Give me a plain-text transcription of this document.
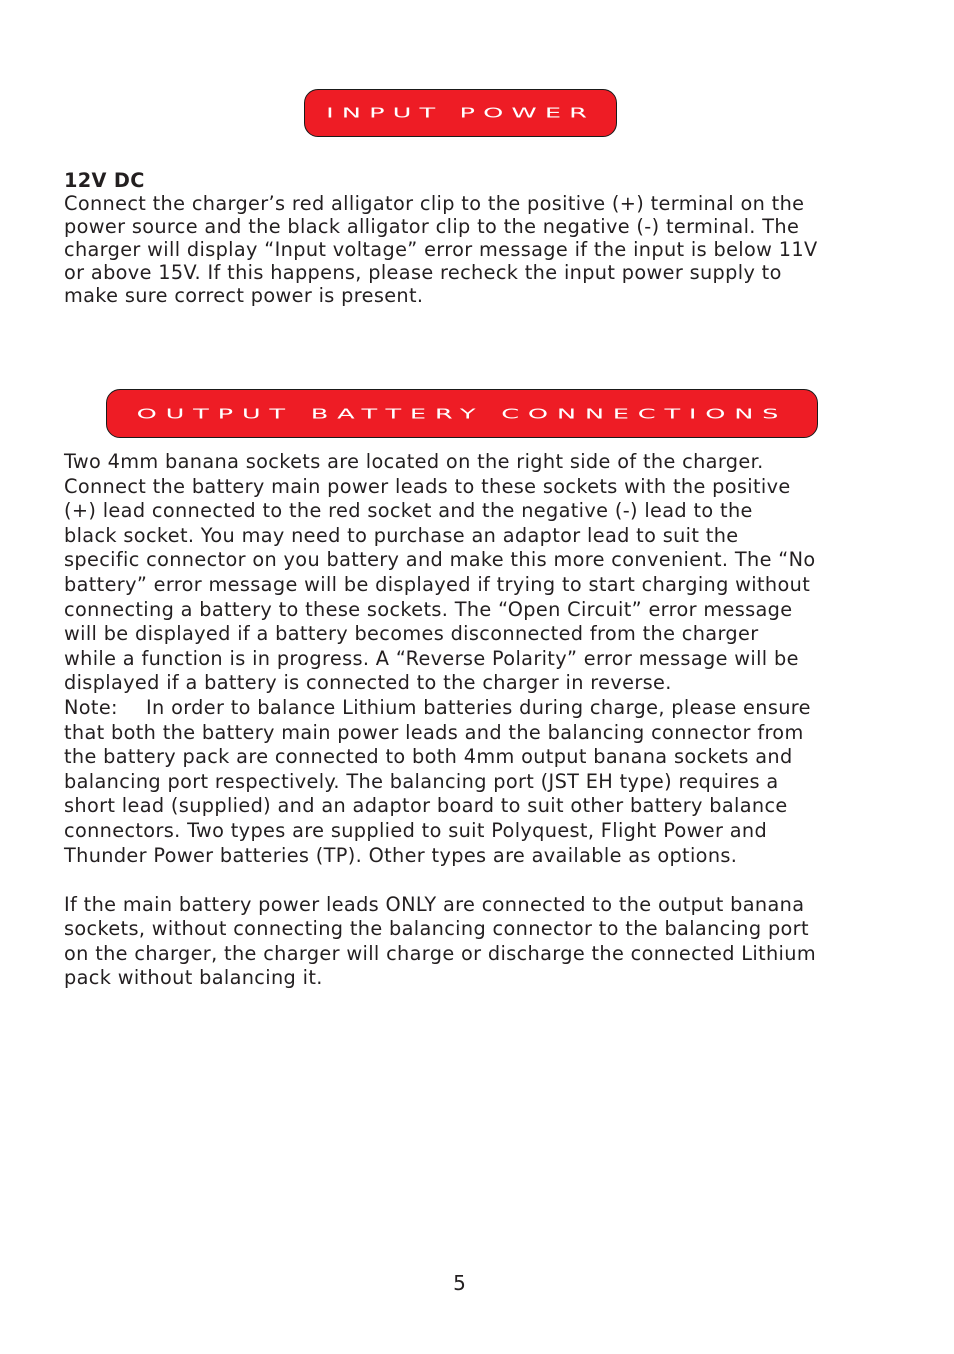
INPUT POWER
12V DC
Connect the charger’s red alligator clip to the positive (+) terminal on the
power source and the black alligator clip to the negative (-) terminal. The
charger will display “Input voltage” error message if the input is below 11V
or above 15V. If this happens, please recheck the input power supply to
make sure correct power is present.
OUTPUT BATTERY CONNECTIONS
Two 4mm banana sockets are located on the right side of the charger.
Connect the battery main power leads to these sockets with the positive
(+) lead connected to the red socket and the negative (-) lead to the
black socket. You may need to purchase an adaptor lead to suit the
specific connector on you battery and make this more convenient. The “No
battery” error message will be displayed if trying to start charging without
connecting a battery to these sockets. The “Open Circuit” error message
will be displayed if a battery becomes disconnected from the charger
while a function is in progress. A “Reverse Polarity” error message will be
displayed if a battery is connected to the charger in reverse.
Note: In order to balance Lithium batteries during charge, please ensure
that both the battery main power leads and the balancing connector from
the battery pack are connected to both 4mm output banana sockets and
balancing port respectively. The balancing port (JST EH type) requires a
short lead (supplied) and an adaptor board to suit other battery balance
connectors. Two types are supplied to suit Polyquest, Flight Power and
Thunder Power batteries (TP). Other types are available as options.
If the main battery power leads ONLY are connected to the output banana
sockets, without connecting the balancing connector to the balancing port
on the charger, the charger will charge or discharge the connected Lithium
pack without balancing it.
5
